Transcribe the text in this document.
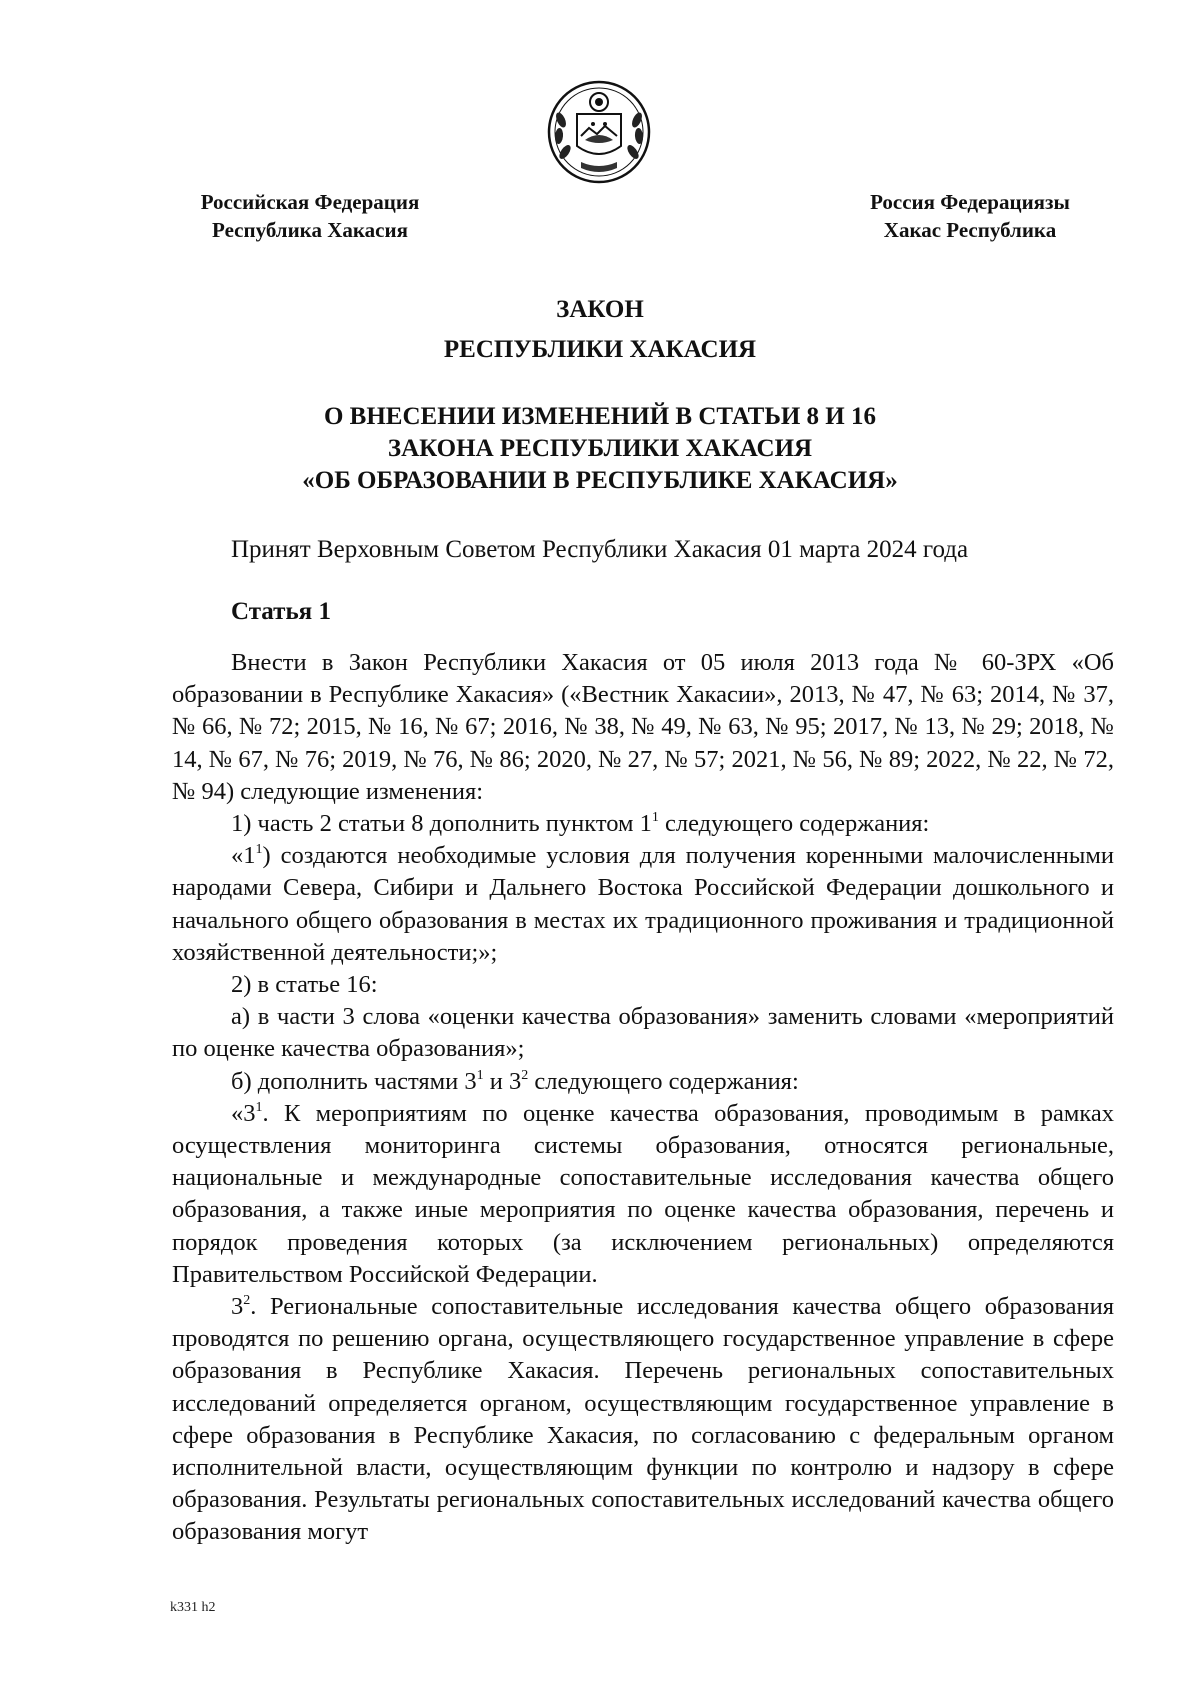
Российская Федерация
Республика Хакасия
Россия Федерациязы
Хакас Республика
ЗАКОН
РЕСПУБЛИКИ ХАКАСИЯ
О ВНЕСЕНИИ ИЗМЕНЕНИЙ В СТАТЬИ 8 И 16
ЗАКОНА РЕСПУБЛИКИ ХАКАСИЯ
«ОБ ОБРАЗОВАНИИ В РЕСПУБЛИКЕ ХАКАСИЯ»
Принят Верховным Советом Республики Хакасия 01 марта 2024 года
Статья 1

Внести в Закон Республики Хакасия от 05 июля 2013 года № 60-ЗРХ «Об образовании в Республике Хакасия» («Вестник Хакасии», 2013, № 47, № 63; 2014, № 37, № 66, № 72; 2015, № 16, № 67; 2016, № 38, № 49, № 63, № 95; 2017, № 13, № 29; 2018, № 14, № 67, № 76; 2019, № 76, № 86; 2020, № 27, № 57; 2021, № 56, № 89; 2022, № 22, № 72, № 94) следующие изменения:

1) часть 2 статьи 8 дополнить пунктом $1^1$ следующего содержания:

«$1^1$) создаются необходимые условия для получения коренными малочисленными народами Севера, Сибири и Дальнего Востока Российской Федерации дошкольного и начального общего образования в местах их традиционного проживания и традиционной хозяйственной деятельности;»;

2) в статье 16:

а) в части 3 слова «оценки качества образования» заменить словами «мероприятий по оценке качества образования»;

б) дополнить частями $3^1$ и $3^2$ следующего содержания:

«$3^1$. К мероприятиям по оценке качества образования, проводимым в рамках осуществления мониторинга системы образования, относятся региональные, национальные и международные сопоставительные исследования качества общего образования, а также иные мероприятия по оценке качества образования, перечень и порядок проведения которых (за исключением региональных) определяются Правительством Российской Федерации.

$3^2$. Региональные сопоставительные исследования качества общего образования проводятся по решению органа, осуществляющего государственное управление в сфере образования в Республике Хакасия. Перечень региональных сопоставительных исследований определяется органом, осуществляющим государственное управление в сфере образования в Республике Хакасия, по согласованию с федеральным органом исполнительной власти, осуществляющим функции по контролю и надзору в сфере образования. Результаты региональных сопоставительных исследований качества общего образования могут

k331 h2
